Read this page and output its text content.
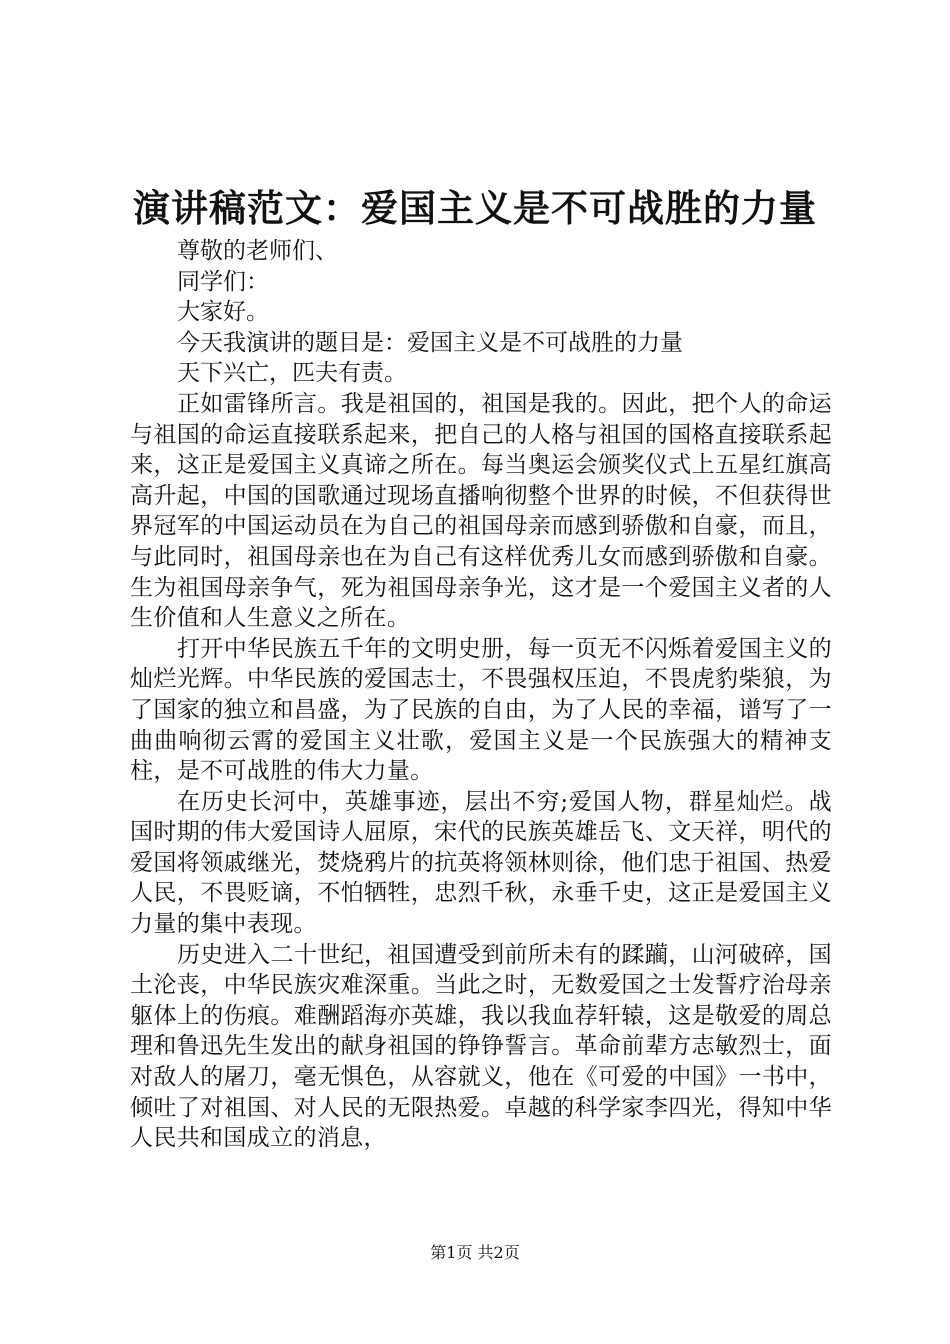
演讲稿范文：爱国主义是不可战胜的力量

尊敬的老师们、

同学们：

大家好。

今天我演讲的题目是：爱国主义是不可战胜的力量

天下兴亡，匹夫有责。

正如雷锋所言。我是祖国的，祖国是我的。因此，把个人的命运与祖国的命运直接联系起来，把自己的人格与祖国的国格直接联系起来，这正是爱国主义真谛之所在。每当奥运会颁奖仪式上五星红旗高高升起，中国的国歌通过现场直播响彻整个世界的时候，不但获得世界冠军的中国运动员在为自己的祖国母亲而感到骄傲和自豪，而且，与此同时，祖国母亲也在为自己有这样优秀儿女而感到骄傲和自豪。生为祖国母亲争气，死为祖国母亲争光，这才是一个爱国主义者的人生价值和人生意义之所在。

打开中华民族五千年的文明史册，每一页无不闪烁着爱国主义的灿烂光辉。中华民族的爱国志士，不畏强权压迫，不畏虎豹柴狼，为了国家的独立和昌盛，为了民族的自由，为了人民的幸福，谱写了一曲曲响彻云霄的爱国主义壮歌，爱国主义是一个民族强大的精神支柱，是不可战胜的伟大力量。

在历史长河中，英雄事迹，层出不穷;爱国人物，群星灿烂。战国时期的伟大爱国诗人屈原，宋代的民族英雄岳飞、文天祥，明代的爱国将领戚继光，焚烧鸦片的抗英将领林则徐，他们忠于祖国、热爱人民，不畏贬谪，不怕牺牲，忠烈千秋，永垂千史，这正是爱国主义力量的集中表现。

历史进入二十世纪，祖国遭受到前所未有的蹂躏，山河破碎，国土沦丧，中华民族灾难深重。当此之时，无数爱国之士发誓疗治母亲躯体上的伤痕。难酬蹈海亦英雄，我以我血荐轩辕，这是敬爱的周总理和鲁迅先生发出的献身祖国的铮铮誓言。革命前辈方志敏烈士，面对敌人的屠刀，毫无惧色，从容就义，他在《可爱的中国》一书中，倾吐了对祖国、对人民的无限热爱。卓越的科学家李四光，得知中华人民共和国成立的消息，

第1页 共2页
